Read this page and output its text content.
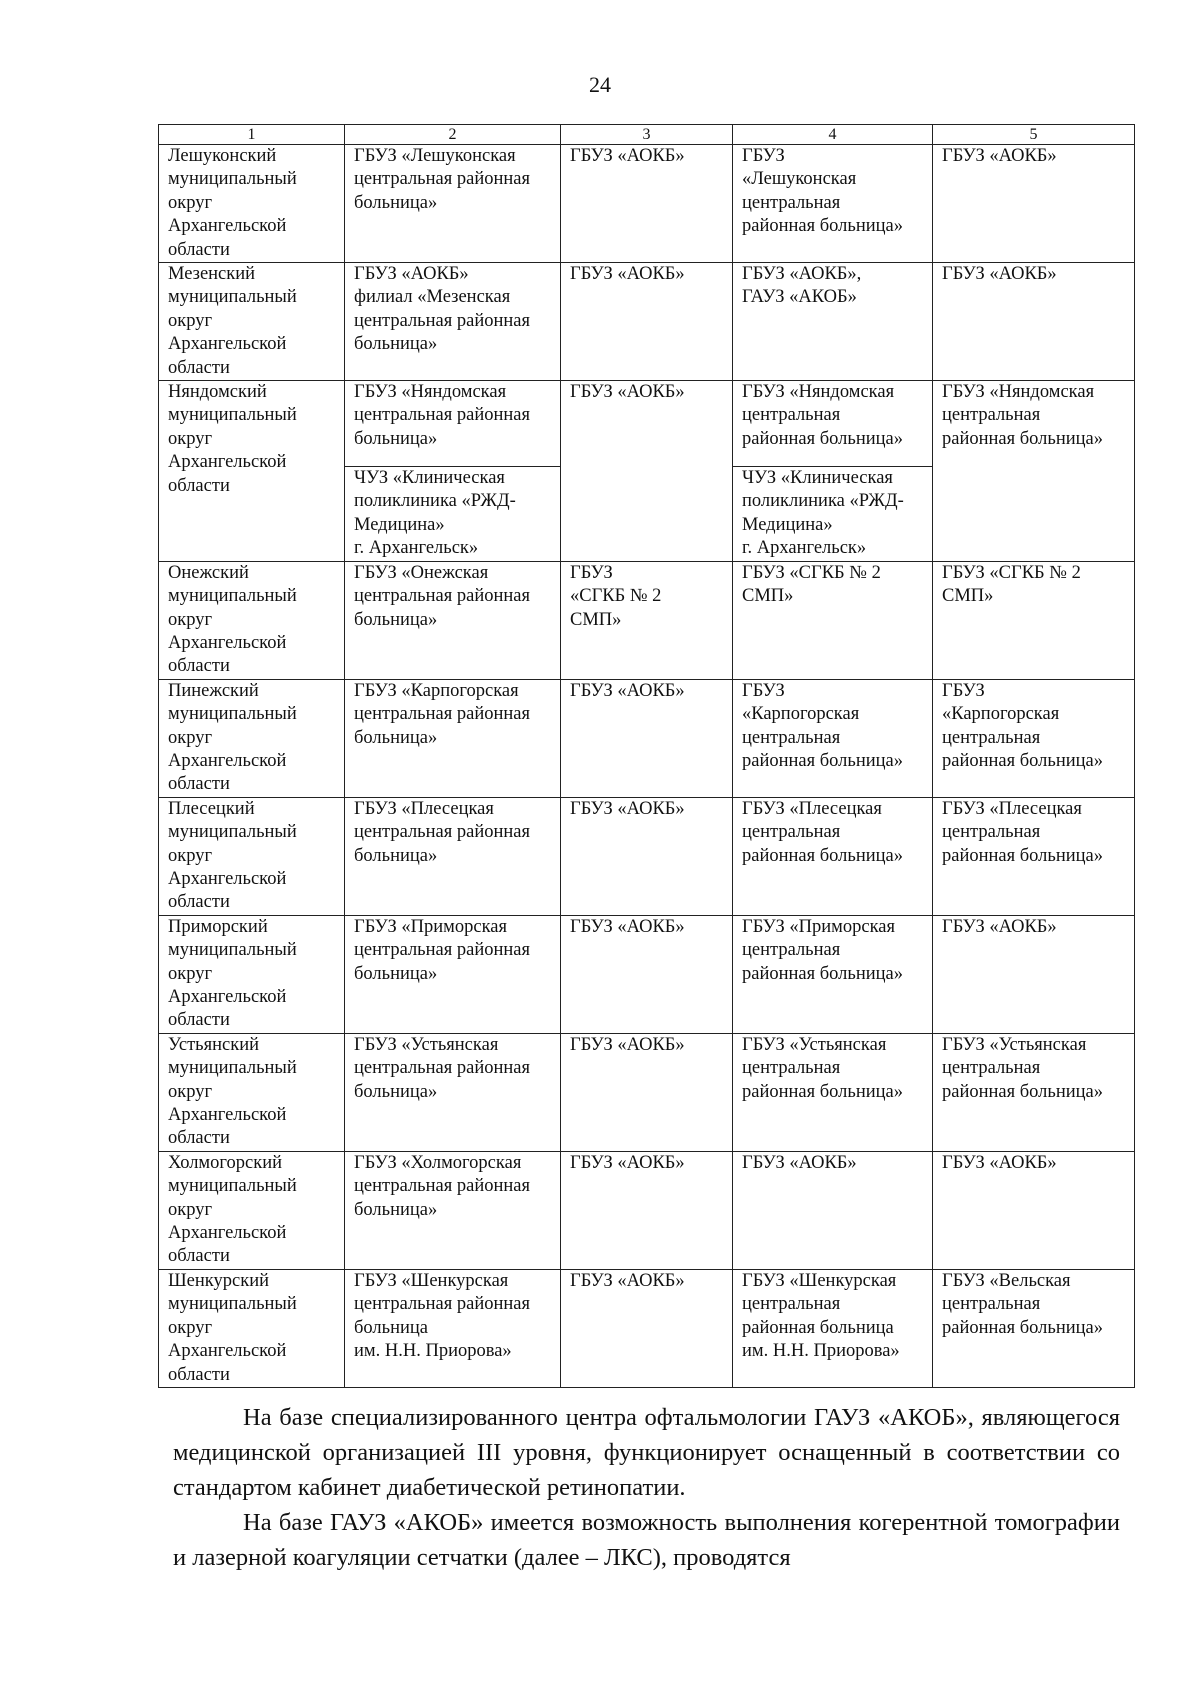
24
1	2	3	4	5
Лешуконский
муниципальный
округ
Архангельской
области	ГБУЗ «Лешуконская
центральная районная
больница»	ГБУЗ «АОКБ»	ГБУЗ
«Лешуконская
центральная
районная больница»	ГБУЗ «АОКБ»
Мезенский
муниципальный
округ
Архангельской
области	ГБУЗ «АОКБ»
филиал «Мезенская
центральная районная
больница»	ГБУЗ «АОКБ»	ГБУЗ «АОКБ»,
ГАУЗ «АКОБ»	ГБУЗ «АОКБ»
Няндомский
муниципальный
округ
Архангельской
области	ГБУЗ «Няндомская
центральная районная
больница»	ГБУЗ «АОКБ»	ГБУЗ «Няндомская
центральная
районная больница»	ГБУЗ «Няндомская
центральная
районная больница»
	ЧУЗ «Клиническая
поликлиника «РЖД-
Медицина»
г. Архангельск»		ЧУЗ «Клиническая
поликлиника «РЖД-
Медицина»
г. Архангельск»	
Онежский
муниципальный
округ
Архангельской
области	ГБУЗ «Онежская
центральная районная
больница»	ГБУЗ
«СГКБ № 2
СМП»	ГБУЗ «СГКБ № 2
СМП»	ГБУЗ «СГКБ № 2
СМП»
Пинежский
муниципальный
округ
Архангельской
области	ГБУЗ «Карпогорская
центральная районная
больница»	ГБУЗ «АОКБ»	ГБУЗ
«Карпогорская
центральная
районная больница»	ГБУЗ
«Карпогорская
центральная
районная больница»
Плесецкий
муниципальный
округ
Архангельской
области	ГБУЗ «Плесецкая
центральная районная
больница»	ГБУЗ «АОКБ»	ГБУЗ «Плесецкая
центральная
районная больница»	ГБУЗ «Плесецкая
центральная
районная больница»
Приморский
муниципальный
округ
Архангельской
области	ГБУЗ «Приморская
центральная районная
больница»	ГБУЗ «АОКБ»	ГБУЗ «Приморская
центральная
районная больница»	ГБУЗ «АОКБ»
Устьянский
муниципальный
округ
Архангельской
области	ГБУЗ «Устьянская
центральная районная
больница»	ГБУЗ «АОКБ»	ГБУЗ «Устьянская
центральная
районная больница»	ГБУЗ «Устьянская
центральная
районная больница»
Холмогорский
муниципальный
округ
Архангельской
области	ГБУЗ «Холмогорская
центральная районная
больница»	ГБУЗ «АОКБ»	ГБУЗ «АОКБ»	ГБУЗ «АОКБ»
Шенкурский
муниципальный
округ
Архангельской
области	ГБУЗ «Шенкурская
центральная районная
больница
им. Н.Н. Приорова»	ГБУЗ «АОКБ»	ГБУЗ «Шенкурская
центральная
районная больница
им. Н.Н. Приорова»	ГБУЗ «Вельская
центральная
районная больница»

На базе специализированного центра офтальмологии ГАУЗ «АКОБ», являющегося медицинской организацией III уровня, функционирует оснащенный в соответствии со стандартом кабинет диабетической ретинопатии.

На базе ГАУЗ «АКОБ» имеется возможность выполнения когерентной томографии и лазерной коагуляции сетчатки (далее – ЛКС), проводятся
